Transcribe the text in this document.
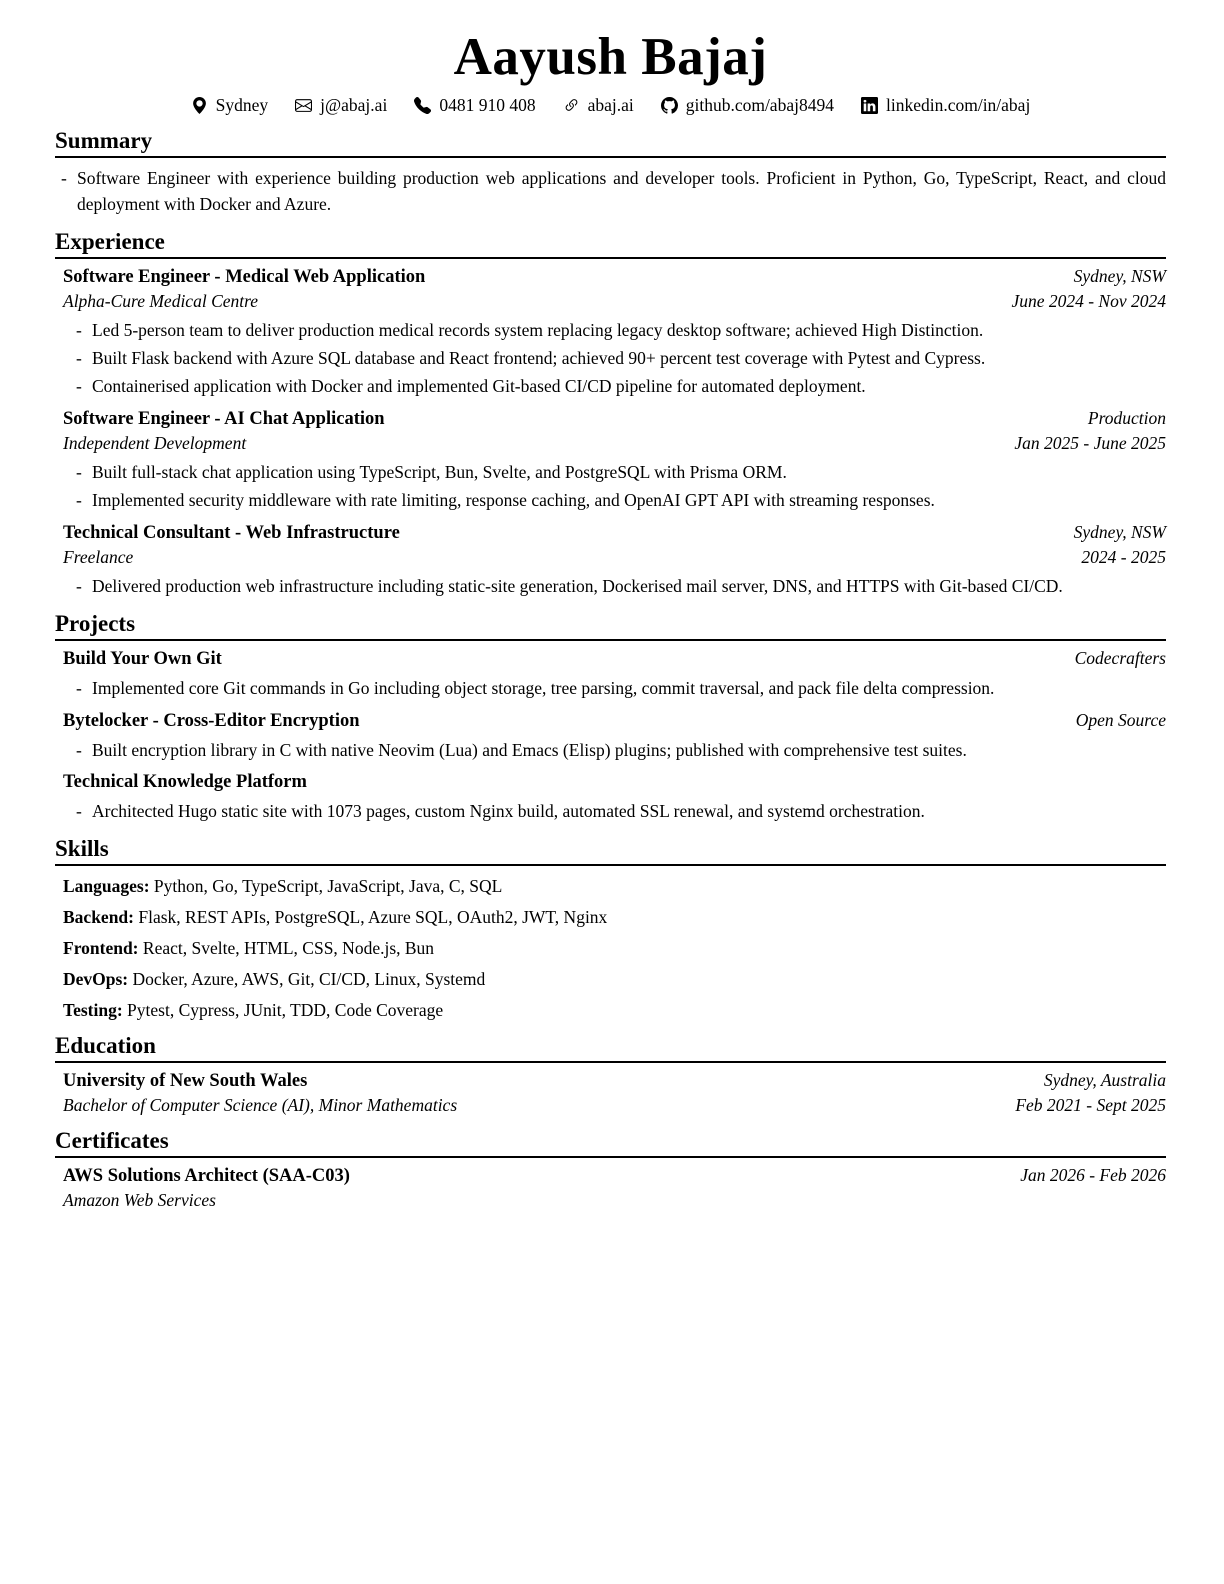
Aayush Bajaj
Sydney	j@abaj.ai	0481 910 408	abaj.ai	github.com/abaj8494	linkedin.com/in/abaj
Summary
- Software Engineer with experience building production web applications and developer tools. Proficient in Python, Go, TypeScript, React, and cloud deployment with Docker and Azure.
Experience
Software Engineer - Medical Web Application	Sydney, NSW
Alpha-Cure Medical Centre	June 2024 - Nov 2024
- Led 5-person team to deliver production medical records system replacing legacy desktop software; achieved High Distinction.
- Built Flask backend with Azure SQL database and React frontend; achieved 90+ percent test coverage with Pytest and Cypress.
- Containerised application with Docker and implemented Git-based CI/CD pipeline for automated deployment.
Software Engineer - AI Chat Application	Production
Independent Development	Jan 2025 - June 2025
- Built full-stack chat application using TypeScript, Bun, Svelte, and PostgreSQL with Prisma ORM.
- Implemented security middleware with rate limiting, response caching, and OpenAI GPT API with streaming responses.
Technical Consultant - Web Infrastructure	Sydney, NSW
Freelance	2024 - 2025
- Delivered production web infrastructure including static-site generation, Dockerised mail server, DNS, and HTTPS with Git-based CI/CD.
Projects
Build Your Own Git	Codecrafters
- Implemented core Git commands in Go including object storage, tree parsing, commit traversal, and pack file delta compression.
Bytelocker - Cross-Editor Encryption	Open Source
- Built encryption library in C with native Neovim (Lua) and Emacs (Elisp) plugins; published with comprehensive test suites.
Technical Knowledge Platform
- Architected Hugo static site with 1073 pages, custom Nginx build, automated SSL renewal, and systemd orchestration.
Skills
Languages: Python, Go, TypeScript, JavaScript, Java, C, SQL
Backend: Flask, REST APIs, PostgreSQL, Azure SQL, OAuth2, JWT, Nginx
Frontend: React, Svelte, HTML, CSS, Node.js, Bun
DevOps: Docker, Azure, AWS, Git, CI/CD, Linux, Systemd
Testing: Pytest, Cypress, JUnit, TDD, Code Coverage
Education
University of New South Wales	Sydney, Australia
Bachelor of Computer Science (AI), Minor Mathematics	Feb 2021 - Sept 2025
Certificates
AWS Solutions Architect (SAA-C03)	Jan 2026 - Feb 2026
Amazon Web Services
